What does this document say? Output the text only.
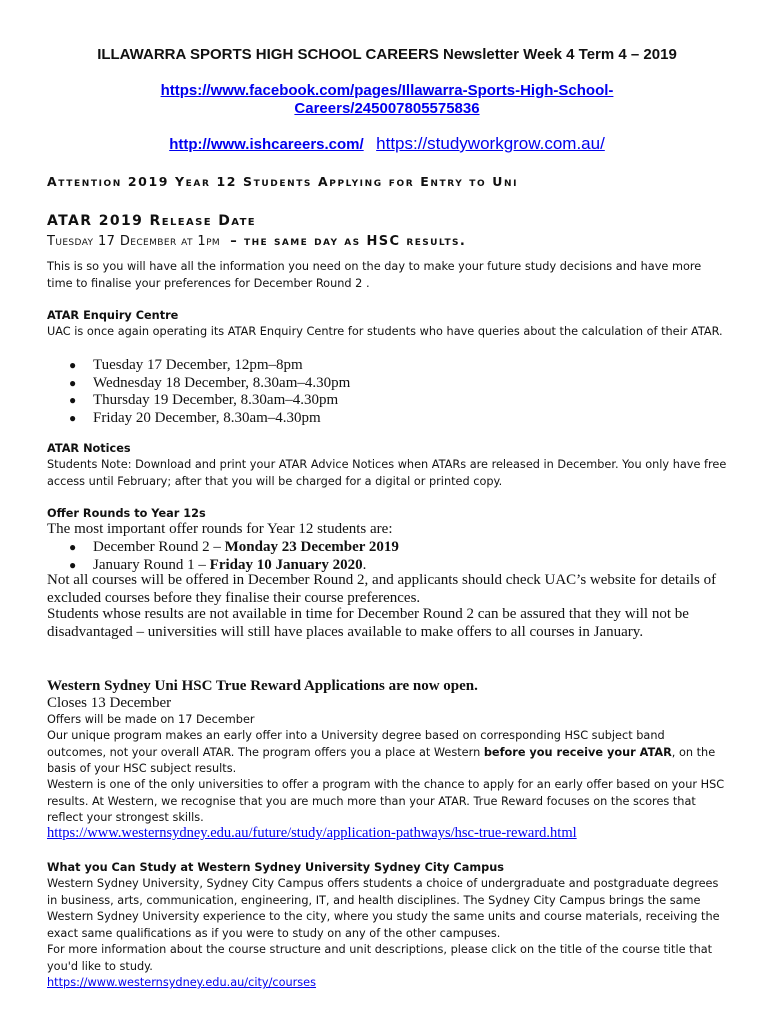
ILLAWARRA SPORTS HIGH SCHOOL CAREERS Newsletter Week 4 Term 4 – 2019
https://www.facebook.com/pages/Illawarra-Sports-High-School-
Careers/245007805575836
http://www.ishcareers.com/ https://studyworkgrow.com.au/
Attention 2019 Year 12 Students Applying for Entry to Uni
ATAR 2019 Release Date
Tuesday 17 December at 1pm – the same day as HSC results.
This is so you will have all the information you need on the day to make your future study decisions and have more time to finalise your preferences for December Round 2 .
ATAR Enquiry Centre
UAC is once again operating its ATAR Enquiry Centre for students who have queries about the calculation of their ATAR.
● Tuesday 17 December, 12pm–8pm
● Wednesday 18 December, 8.30am–4.30pm
● Thursday 19 December, 8.30am–4.30pm
● Friday 20 December, 8.30am–4.30pm
ATAR Notices
Students Note: Download and print your ATAR Advice Notices when ATARs are released in December. You only have free access until February; after that you will be charged for a digital or printed copy.
Offer Rounds to Year 12s
The most important offer rounds for Year 12 students are:
● December Round 2 – Monday 23 December 2019
● January Round 1 – Friday 10 January 2020.
Not all courses will be offered in December Round 2, and applicants should check UAC’s website for details of excluded courses before they finalise their course preferences.
Students whose results are not available in time for December Round 2 can be assured that they will not be disadvantaged – universities will still have places available to make offers to all courses in January.
Western Sydney Uni HSC True Reward Applications are now open.
Closes 13 December
Offers will be made on 17 December
Our unique program makes an early offer into a University degree based on corresponding HSC subject band outcomes, not your overall ATAR. The program offers you a place at Western before you receive your ATAR, on the basis of your HSC subject results.
Western is one of the only universities to offer a program with the chance to apply for an early offer based on your HSC results. At Western, we recognise that you are much more than your ATAR. True Reward focuses on the scores that reflect your strongest skills.
https://www.westernsydney.edu.au/future/study/application-pathways/hsc-true-reward.html
What you Can Study at Western Sydney University Sydney City Campus
Western Sydney University, Sydney City Campus offers students a choice of undergraduate and postgraduate degrees in business, arts, communication, engineering, IT, and health disciplines. The Sydney City Campus brings the same Western Sydney University experience to the city, where you study the same units and course materials, receiving the exact same qualifications as if you were to study on any of the other campuses.
For more information about the course structure and unit descriptions, please click on the title of the course title that you'd like to study.
https://www.westernsydney.edu.au/city/courses
